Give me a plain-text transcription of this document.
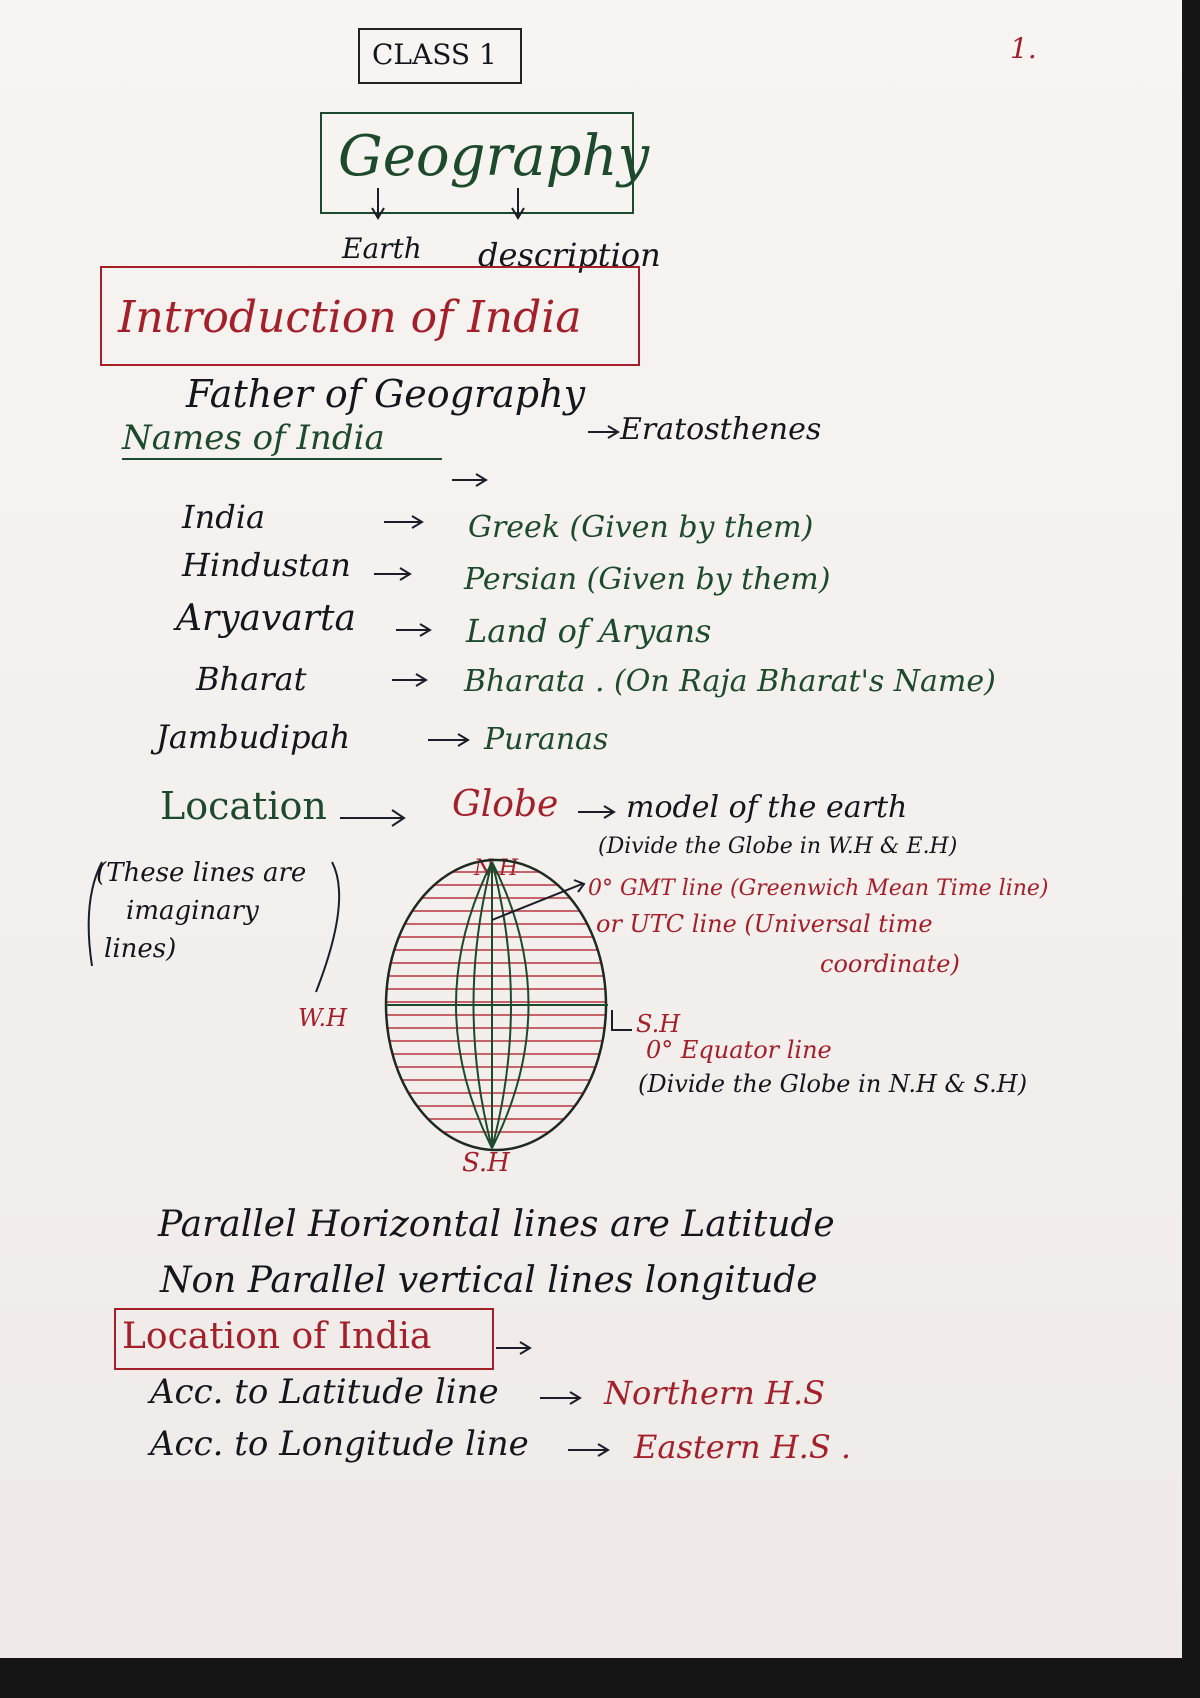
CLASS 1	1.
Geography
Earth description
Introduction of India
Father of Geography
Eratosthenes
Names of India
India	Greek (Given by them)
Hindustan	Persian (Given by them)
Aryavarta	Land of Aryans
Bharat	Bharata . (On Raja Bharat's Name)
Jambudipah	Puranas
Location	Globe model of the earth
(Divide the Globe in W.H & E.H)
(These lines are
imaginary
lines)
N.H
W.H	S.H
S.H
0° GMT line (Greenwich Mean Time line)
or UTC line (Universal time
coordinate)
0° Equator line
(Divide the Globe in N.H & S.H)
Parallel Horizontal lines are Latitude
Non Parallel vertical lines longitude
Location of India
Acc. to Latitude line	Northern H.S
Acc. to Longitude line	Eastern H.S .
